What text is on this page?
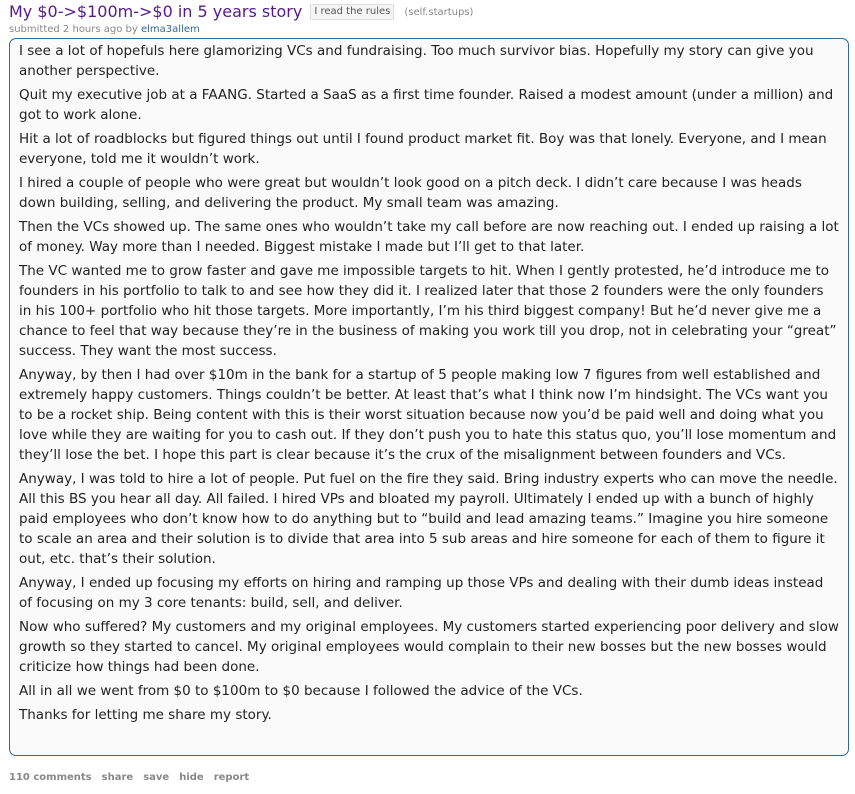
My $0->$100m->$0 in 5 years story	I read the rules	(self.startups)
submitted 2 hours ago by elma3allem

I see a lot of hopefuls here glamorizing VCs and fundraising. Too much survivor bias. Hopefully my story can give you another perspective.

Quit my executive job at a FAANG. Started a SaaS as a first time founder. Raised a modest amount (under a million) and got to work alone.

Hit a lot of roadblocks but figured things out until I found product market fit. Boy was that lonely. Everyone, and I mean everyone, told me it wouldn’t work.

I hired a couple of people who were great but wouldn’t look good on a pitch deck. I didn’t care because I was heads down building, selling, and delivering the product. My small team was amazing.

Then the VCs showed up. The same ones who wouldn’t take my call before are now reaching out. I ended up raising a lot of money. Way more than I needed. Biggest mistake I made but I’ll get to that later.

The VC wanted me to grow faster and gave me impossible targets to hit. When I gently protested, he’d introduce me to founders in his portfolio to talk to and see how they did it. I realized later that those 2 founders were the only founders in his 100+ portfolio who hit those targets. More importantly, I’m his third biggest company! But he’d never give me a chance to feel that way because they’re in the business of making you work till you drop, not in celebrating your “great” success. They want the most success.

Anyway, by then I had over $10m in the bank for a startup of 5 people making low 7 figures from well established and extremely happy customers. Things couldn’t be better. At least that’s what I think now I’m hindsight. The VCs want you to be a rocket ship. Being content with this is their worst situation because now you’d be paid well and doing what you love while they are waiting for you to cash out. If they don’t push you to hate this status quo, you’ll lose momentum and they’ll lose the bet. I hope this part is clear because it’s the crux of the misalignment between founders and VCs.

Anyway, I was told to hire a lot of people. Put fuel on the fire they said. Bring industry experts who can move the needle. All this BS you hear all day. All failed. I hired VPs and bloated my payroll. Ultimately I ended up with a bunch of highly paid employees who don’t know how to do anything but to “build and lead amazing teams.” Imagine you hire someone to scale an area and their solution is to divide that area into 5 sub areas and hire someone for each of them to figure it out, etc. that’s their solution.

Anyway, I ended up focusing my efforts on hiring and ramping up those VPs and dealing with their dumb ideas instead of focusing on my 3 core tenants: build, sell, and deliver.

Now who suffered? My customers and my original employees. My customers started experiencing poor delivery and slow growth so they started to cancel. My original employees would complain to their new bosses but the new bosses would criticize how things had been done.

All in all we went from $0 to $100m to $0 because I followed the advice of the VCs.

Thanks for letting me share my story.

110 comments share save hide report
